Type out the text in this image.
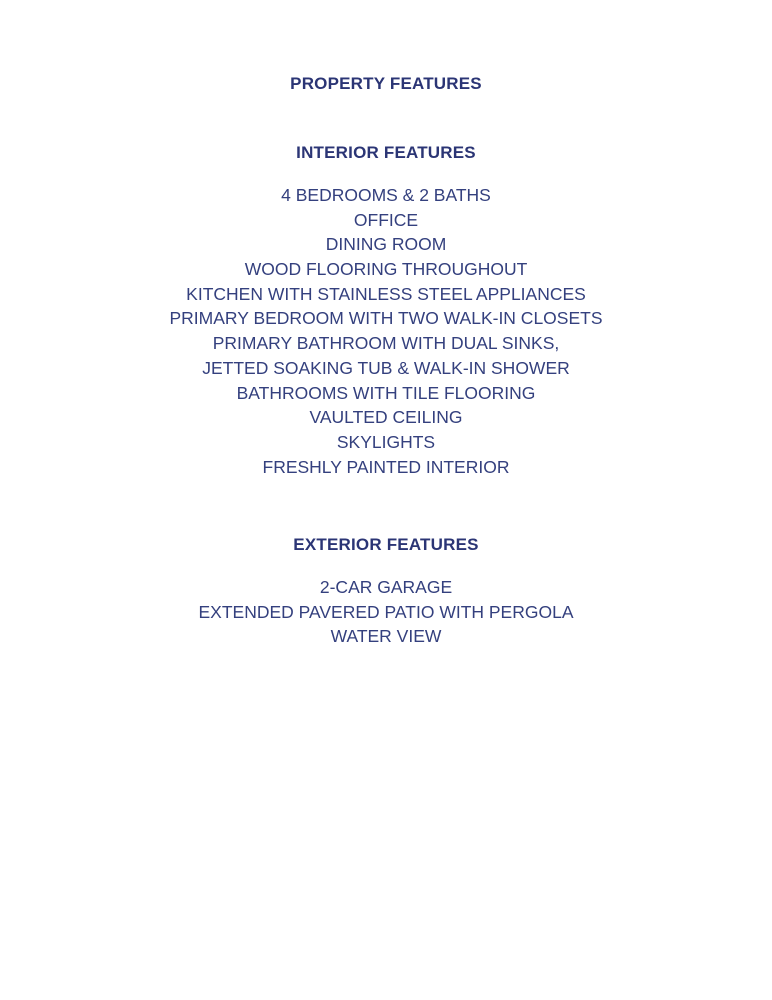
PROPERTY FEATURES
INTERIOR FEATURES
4 BEDROOMS & 2 BATHS
OFFICE
DINING ROOM
WOOD FLOORING THROUGHOUT
KITCHEN WITH STAINLESS STEEL APPLIANCES
PRIMARY BEDROOM WITH TWO WALK-IN CLOSETS
PRIMARY BATHROOM WITH DUAL SINKS,
JETTED SOAKING TUB & WALK-IN SHOWER
BATHROOMS WITH TILE FLOORING
VAULTED CEILING
SKYLIGHTS
FRESHLY PAINTED INTERIOR
EXTERIOR FEATURES
2-CAR GARAGE
EXTENDED PAVERED PATIO WITH PERGOLA
WATER VIEW
